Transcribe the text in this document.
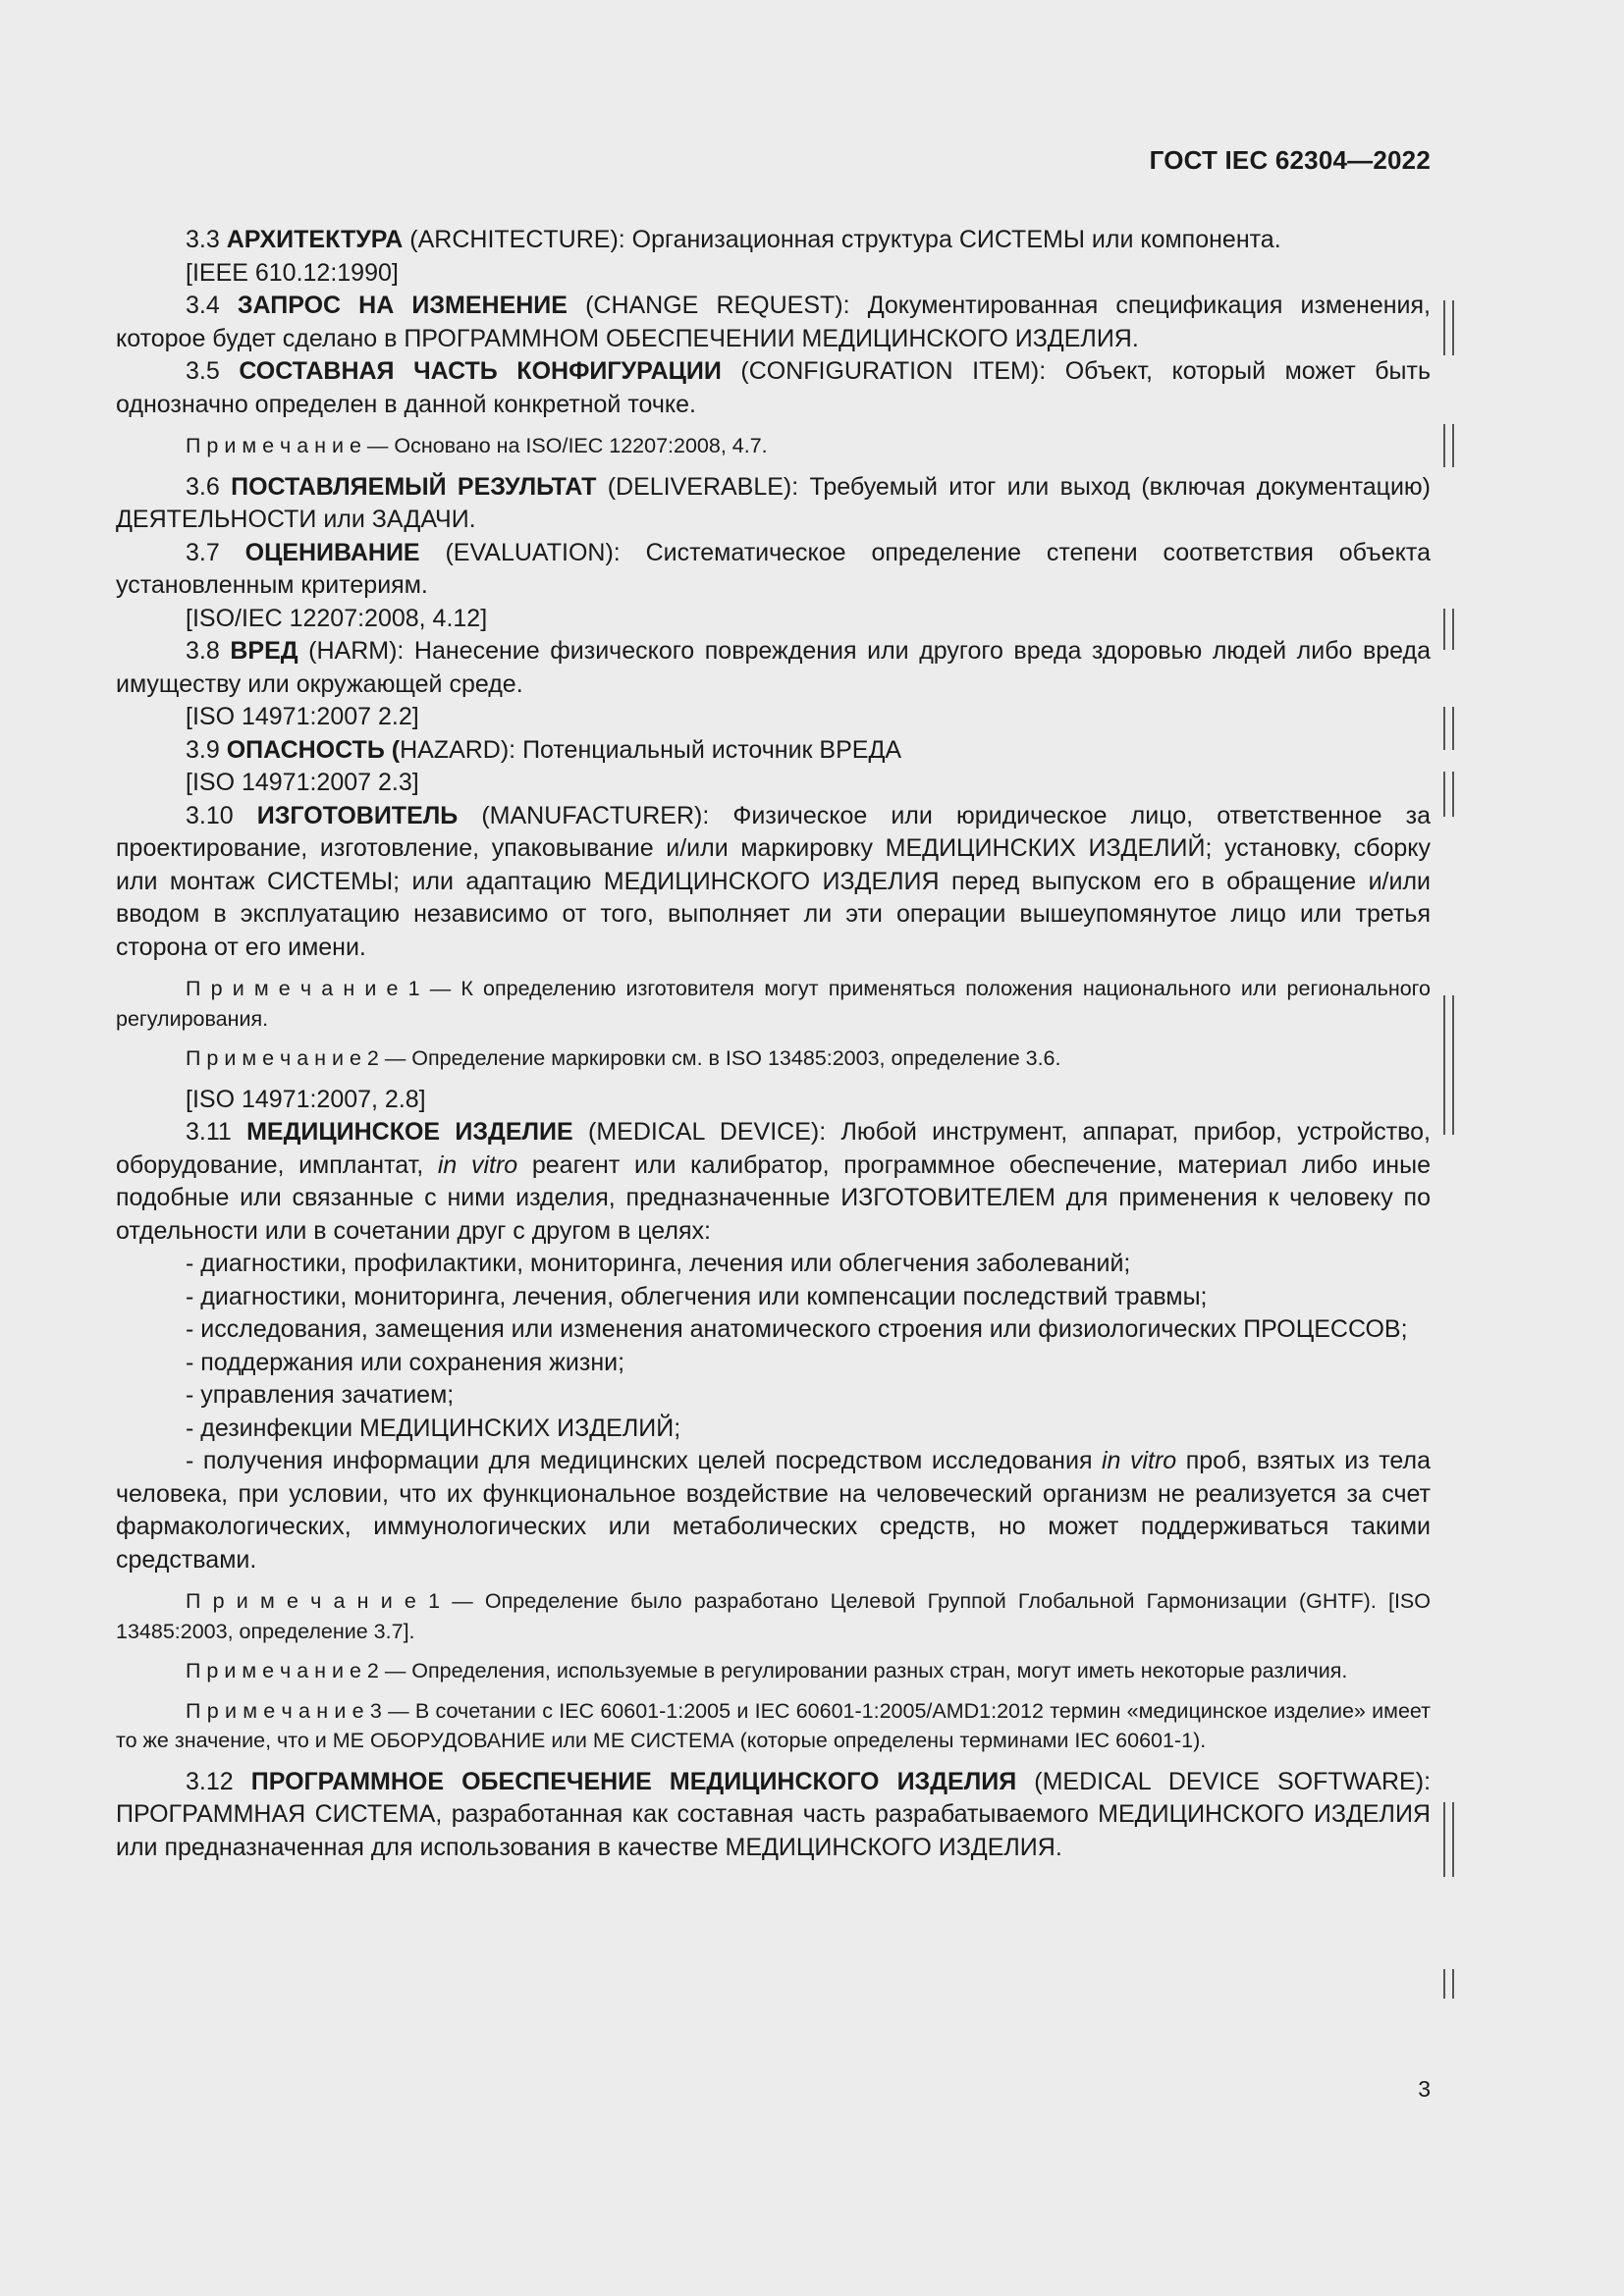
ГОСТ IEC 62304—2022

3.3 АРХИТЕКТУРА (ARCHITECTURE): Организационная структура СИСТЕМЫ или компонента.

[IEEE 610.12:1990]

3.4 ЗАПРОС НА ИЗМЕНЕНИЕ (CHANGE REQUEST): Документированная спецификация изменения, которое будет сделано в ПРОГРАММНОМ ОБЕСПЕЧЕНИИ МЕДИЦИНСКОГО ИЗДЕЛИЯ.

3.5 СОСТАВНАЯ ЧАСТЬ КОНФИГУРАЦИИ (CONFIGURATION ITEM): Объект, который может быть однозначно определен в данной конкретной точке.

П р и м е ч а н и е — Основано на ISO/IEC 12207:2008, 4.7.

3.6 ПОСТАВЛЯЕМЫЙ РЕЗУЛЬТАТ (DELIVERABLE): Требуемый итог или выход (включая документацию) ДЕЯТЕЛЬНОСТИ или ЗАДАЧИ.

3.7 ОЦЕНИВАНИЕ (EVALUATION): Систематическое определение степени соответствия объекта установленным критериям.

[ISO/IEC 12207:2008, 4.12]

3.8 ВРЕД (HARM): Нанесение физического повреждения или другого вреда здоровью людей либо вреда имуществу или окружающей среде.

[ISO 14971:2007 2.2]

3.9 ОПАСНОСТЬ (HAZARD): Потенциальный источник ВРЕДА

[ISO 14971:2007 2.3]

3.10 ИЗГОТОВИТЕЛЬ (MANUFACTURER): Физическое или юридическое лицо, ответственное за проектирование, изготовление, упаковывание и/или маркировку МЕДИЦИНСКИХ ИЗДЕЛИЙ; установку, сборку или монтаж СИСТЕМЫ; или адаптацию МЕДИЦИНСКОГО ИЗДЕЛИЯ перед выпуском его в обращение и/или вводом в эксплуатацию независимо от того, выполняет ли эти операции вышеупомянутое лицо или третья сторона от его имени.

П р и м е ч а н и е 1 — К определению изготовителя могут применяться положения национального или регионального регулирования.

П р и м е ч а н и е 2 — Определение маркировки см. в ISO 13485:2003, определение 3.6.

[ISO 14971:2007, 2.8]

3.11 МЕДИЦИНСКОЕ ИЗДЕЛИЕ (MEDICAL DEVICE): Любой инструмент, аппарат, прибор, устройство, оборудование, имплантат, in vitro реагент или калибратор, программное обеспечение, материал либо иные подобные или связанные с ними изделия, предназначенные ИЗГОТОВИТЕЛЕМ для применения к человеку по отдельности или в сочетании друг с другом в целях:

- диагностики, профилактики, мониторинга, лечения или облегчения заболеваний;

- диагностики, мониторинга, лечения, облегчения или компенсации последствий травмы;

- исследования, замещения или изменения анатомического строения или физиологических ПРОЦЕССОВ;

- поддержания или сохранения жизни;

- управления зачатием;

- дезинфекции МЕДИЦИНСКИХ ИЗДЕЛИЙ;

- получения информации для медицинских целей посредством исследования in vitro проб, взятых из тела человека, при условии, что их функциональное воздействие на человеческий организм не реализуется за счет фармакологических, иммунологических или метаболических средств, но может поддерживаться такими средствами.

П р и м е ч а н и е 1 — Определение было разработано Целевой Группой Глобальной Гармонизации (GHTF). [ISO 13485:2003, определение 3.7].

П р и м е ч а н и е 2 — Определения, используемые в регулировании разных стран, могут иметь некоторые различия.

П р и м е ч а н и е 3 — В сочетании с IEC 60601-1:2005 и IEC 60601-1:2005/AMD1:2012 термин «медицинское изделие» имеет то же значение, что и МЕ ОБОРУДОВАНИЕ или МЕ СИСТЕМА (которые определены терминами IEC 60601-1).

3.12 ПРОГРАММНОЕ ОБЕСПЕЧЕНИЕ МЕДИЦИНСКОГО ИЗДЕЛИЯ (MEDICAL DEVICE SOFTWARE): ПРОГРАММНАЯ СИСТЕМА, разработанная как составная часть разрабатываемого МЕДИЦИНСКОГО ИЗДЕЛИЯ или предназначенная для использования в качестве МЕДИЦИНСКОГО ИЗДЕЛИЯ.

3
